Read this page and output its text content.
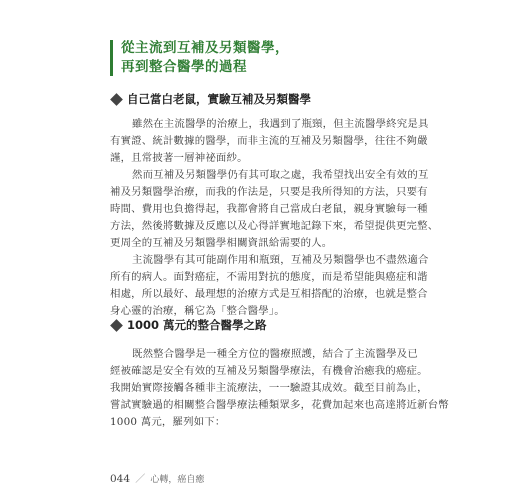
從主流到互補及另類醫學，
再到整合醫學的過程
自己當白老鼠，實驗互補及另類醫學
雖然在主流醫學的治療上，我遇到了瓶頸，但主流醫學終究是具
有實證、統計數據的醫學，而非主流的互補及另類醫學，往往不夠嚴
謹，且常披著一層神祕面紗。
然而互補及另類醫學仍有其可取之處，我希望找出安全有效的互
補及另類醫學治療，而我的作法是，只要是我所得知的方法，只要有
時間、費用也負擔得起，我都會將自己當成白老鼠，親身實驗每一種
方法，然後將數據及反應以及心得詳實地記錄下來，希望提供更完整、
更周全的互補及另類醫學相關資訊給需要的人。
主流醫學有其可能副作用和瓶頸，互補及另類醫學也不盡然適合
所有的病人。面對癌症，不需用對抗的態度，而是希望能與癌症和諧
相處，所以最好、最理想的治療方式是互相搭配的治療，也就是整合
身心靈的治療，稱它為「整合醫學」。
1000 萬元的整合醫學之路
既然整合醫學是一種全方位的醫療照護，結合了主流醫學及已
經被確認是安全有效的互補及另類醫學療法，有機會治癒我的癌症。
我開始實際接觸各種非主流療法，一一驗證其成效。截至目前為止，
嘗試實驗過的相關整合醫學療法種類眾多，花費加起來也高達將近新台幣
1000 萬元，羅列如下：
044 ／ 心轉，癌自癒
